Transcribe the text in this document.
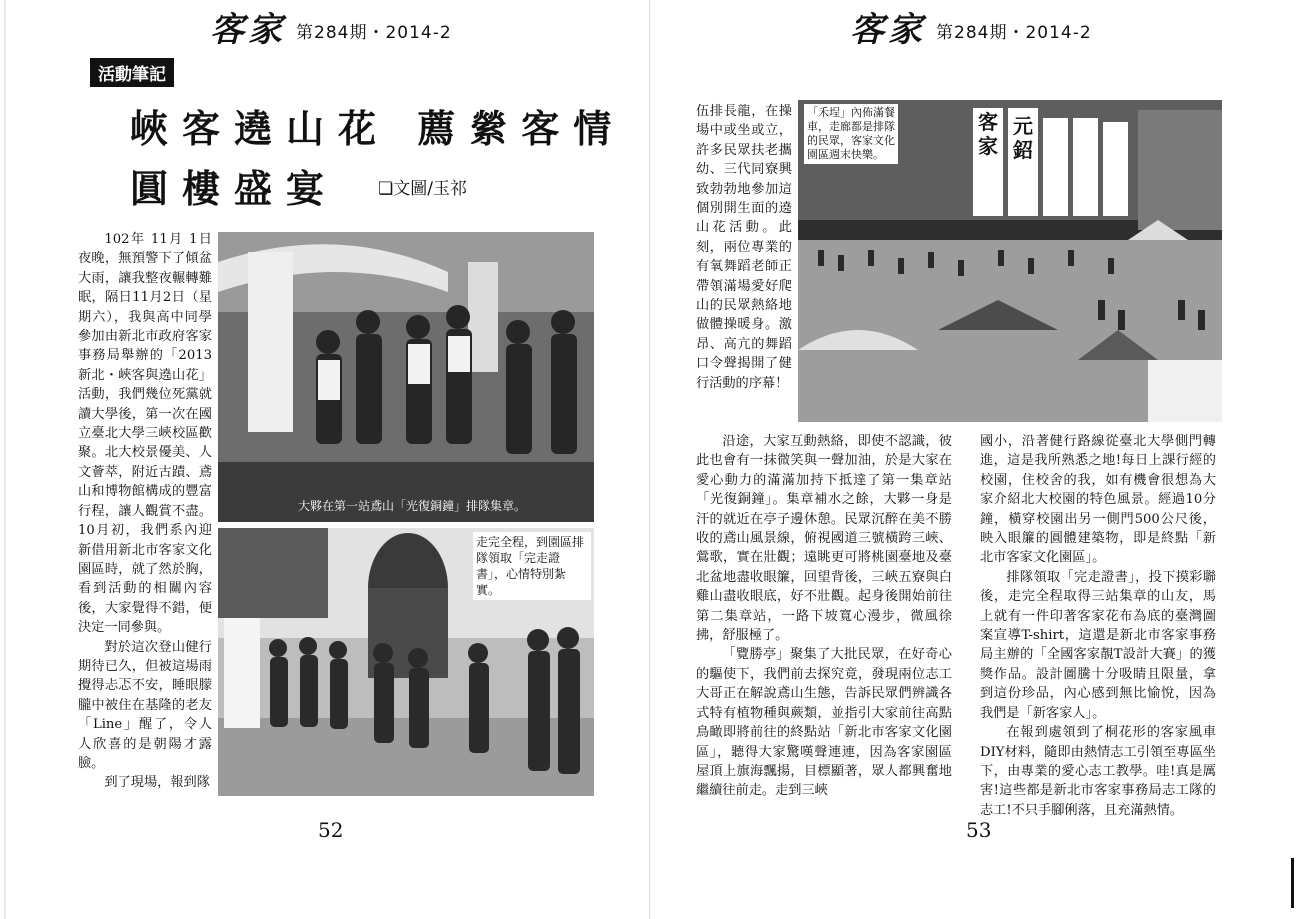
客家 第284期・2014-2
活動筆記
峽客遶山花 薦縈客情
圓樓盛宴 ❏文圖/玉祁

102年 11月 1日 夜晚，無預警下了傾盆大雨，讓我整夜輾轉難眠，隔日11月2日（星期六），我與高中同學參加由新北市政府客家事務局舉辦的「2013新北・峽客與遶山花」活動，我們幾位死黨就讀大學後，第一次在國立臺北大學三峽校區歡聚。北大校景優美、人文薈萃，附近古蹟、鳶山和博物館構成的豐富行程，讓人觀賞不盡。10月初，我們系內迎新借用新北市客家文化園區時，就了然於胸，看到活動的相關內容後，大家覺得不錯，便決定一同參與。

對於這次登山健行期待已久，但被這場雨攪得忐忑不安，睡眼朦朧中被住在基隆的老友「Line」醒了，令人人欣喜的是朝陽才露臉。

到了現場，報到隊

大夥在第一站鳶山「光復銅鐘」排隊集章。
走完全程，到園區排隊領取「完走證書」，心情特別紮實。
52
客家 第284期・2014-2

伍排長龍，在操場中或坐或立，許多民眾扶老攜幼、三代同寮興致勃勃地參加這個別開生面的遶山花活動。此刻，兩位專業的有氧舞蹈老師正帶領滿場愛好爬山的民眾熱絡地做體操暖身。激昂、高亢的舞蹈口令聲揭開了健行活動的序幕！

「禾埕」內佈滿餐車，走廊都是排隊的民眾，客家文化園區週末快樂。
客家
元鉊

沿途，大家互動熱絡，即使不認識，彼此也會有一抹微笑與一聲加油，於是大家在愛心動力的滿滿加持下抵達了第一集章站「光復銅鐘」。集章補水之餘，大夥一身是汗的就近在亭子邊休憩。民眾沉醉在美不勝收的鳶山風景線，俯視國道三號橫跨三峽、鶯歌，實在壯觀；遠眺更可將桃園臺地及臺北盆地盡收眼簾，回望背後，三峽五寮與白雞山盡收眼底，好不壯觀。起身後開始前往第二集章站，一路下坡寬心漫步，微風徐拂，舒服極了。

「覽勝亭」聚集了大批民眾，在好奇心的驅使下，我們前去探究竟，發現兩位志工大哥正在解說鳶山生態，告訴民眾們辨識各式特有植物種與蕨類，並指引大家前往高點鳥瞰即將前往的終點站「新北市客家文化園區」，聽得大家驚嘆聲連連，因為客家園區屋頂上旗海飄揚，目標顯著，眾人都興奮地繼續往前走。走到三峽

國小，沿著健行路線從臺北大學側門轉進，這是我所熟悉之地!每日上課行經的校園，住校舍的我，如有機會很想為大家介紹北大校園的特色風景。經過10分鐘，橫穿校園出另一側門500公尺後，映入眼簾的圓體建築物，即是終點「新北市客家文化園區」。

排隊領取「完走證書」，投下摸彩聯後，走完全程取得三站集章的山友，馬上就有一件印著客家花布為底的臺灣圖案宣導T-shirt，這還是新北市客家事務局主辦的「全國客家靚T設計大賽」的獲獎作品。設計圖騰十分吸睛且限量，拿到這份珍品，內心感到無比愉悅，因為我們是「新客家人」。

在報到處領到了桐花形的客家風車DIY材料，隨即由熱情志工引領至專區坐下，由專業的愛心志工教學。哇!真是厲害!這些都是新北市客家事務局志工隊的志工!不只手腳俐落，且充滿熱情。

53
